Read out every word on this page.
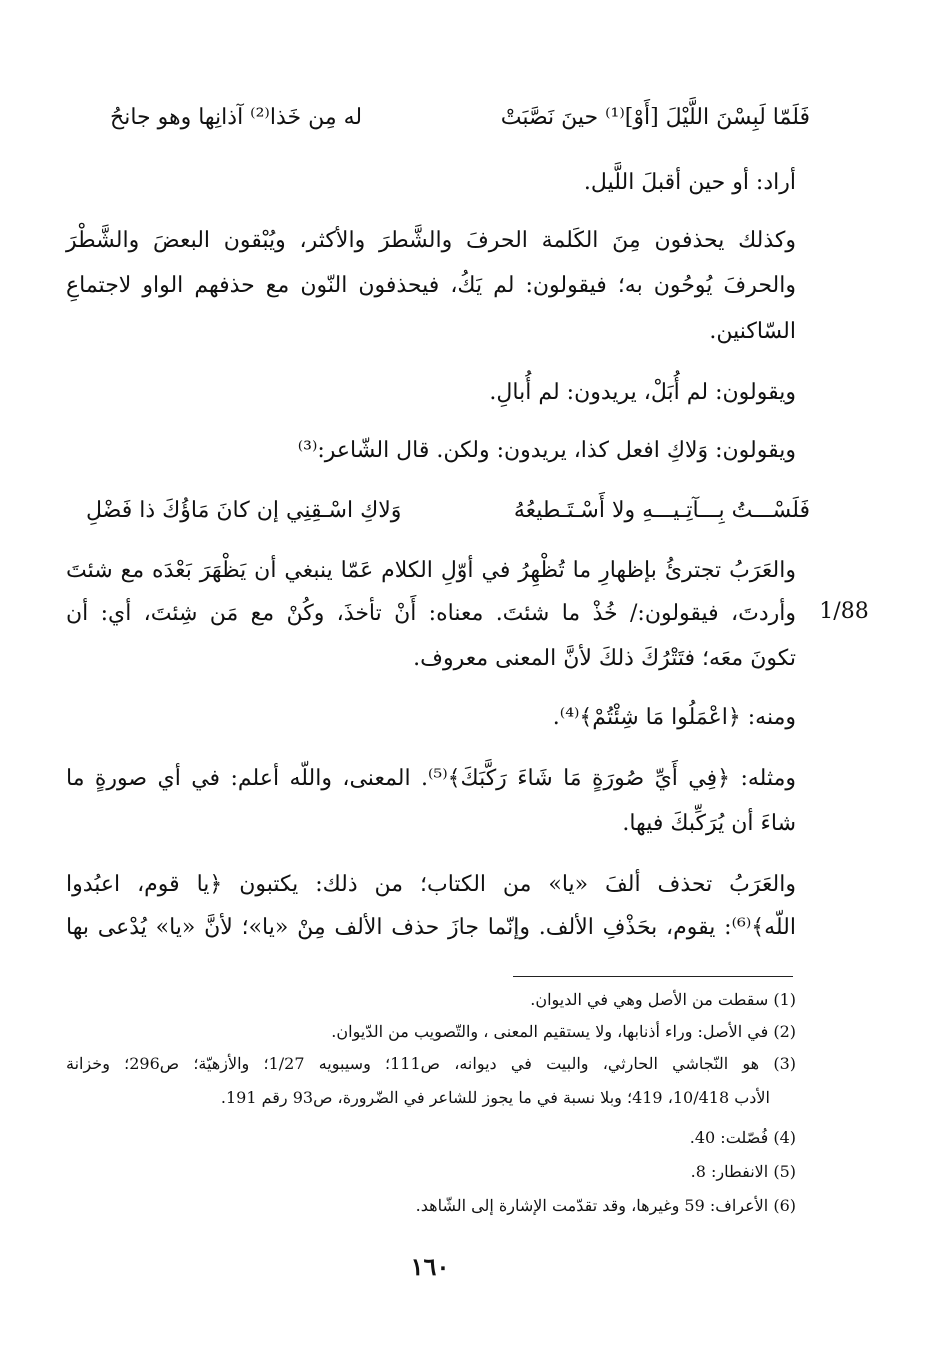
فَلَمّا لَبِسْنَ اللَّيْلَ [أَوْ]⁽¹⁾ حينَ نَصَّبَتْ
له مِن خَذا⁽²⁾ آذانِها وهو جانحُ
أراد: أو حين أقبلَ اللَّيل.
وكذلك يحذفون مِنَ الكَلمة الحرفَ والشَّطرَ والأكثر، ويُبْقون البعضَ والشَّطْرَ
والحرفَ يُوحُون به؛ فيقولون: لم يَكُ، فيحذفون النّون مع حذفهم الواو لاجتماعِ
السّاكنين.
ويقولون: لم أُبَلْ، يريدون: لم أُبالِ.
ويقولون: وَلاكِ افعل كذا، يريدون: ولكن. قال الشّاعر:⁽³⁾
فَلَسْـــتُ بِـــآتِـيـــهِ ولا أَسْـتَـطيعُهُ
وَلاكِ اسْـقِنِي إن كانَ مَاؤُكَ ذا فَضْلِ
والعَرَبُ تجترئُ بإظهارِ ما تُظْهِرُ في أوّلِ الكلام عَمّا ينبغي أن يَظْهَرَ بَعْدَه مع شئتَ
وأردتَ، فيقولون:/ خُذْ ما شئتَ. معناه: أَنْ تأخذَ، وكُنْ مع مَن شِئتَ، أي: أن
تكونَ معَه؛ فتَتْرُكَ ذلكَ لأنَّ المعنى معروف.
ومنه: ﴿اعْمَلُوا مَا شِئْتُمْ﴾⁽⁴⁾.
ومثله: ﴿فِي أَيِّ صُورَةٍ مَا شَاءَ رَكَّبَكَ﴾⁽⁵⁾. المعنى، واللّه أعلم: في أي صورةٍ ما
شاءَ أن يُرَكِّبكَ فيها.
والعَرَبُ تحذف ألفَ «يا» من الكتاب؛ من ذلك: يكتبون ﴿يا قوم، اعبُدوا
اللّه﴾⁽⁶⁾: يقوم، بحَذْفِ الألف. وإنّما جازَ حذف الألف مِنْ «يا»؛ لأنَّ «يا» يُدْعى بها
1/88
(1) سقطت من الأصل وهي في الديوان.
(2) في الأصل: وراء أذنابها، ولا يستقيم المعنى ، والتّصويب من الدّيوان.
(3) هو النّجاشي الحارثي، والبيت في ديوانه، ص111؛ وسيبويه 1/27؛ والأزهيّة؛ ص296؛ وخزانة
الأدب 10/418، 419؛ وبلا نسبة في ما يجوز للشاعر في الضّرورة، ص93 رقم 191.
(4) فُصّلت: 40.
(5) الانفطار: 8.
(6) الأعراف: 59 وغيرها، وقد تقدّمت الإشارة إلى الشّاهد.
١٦٠
